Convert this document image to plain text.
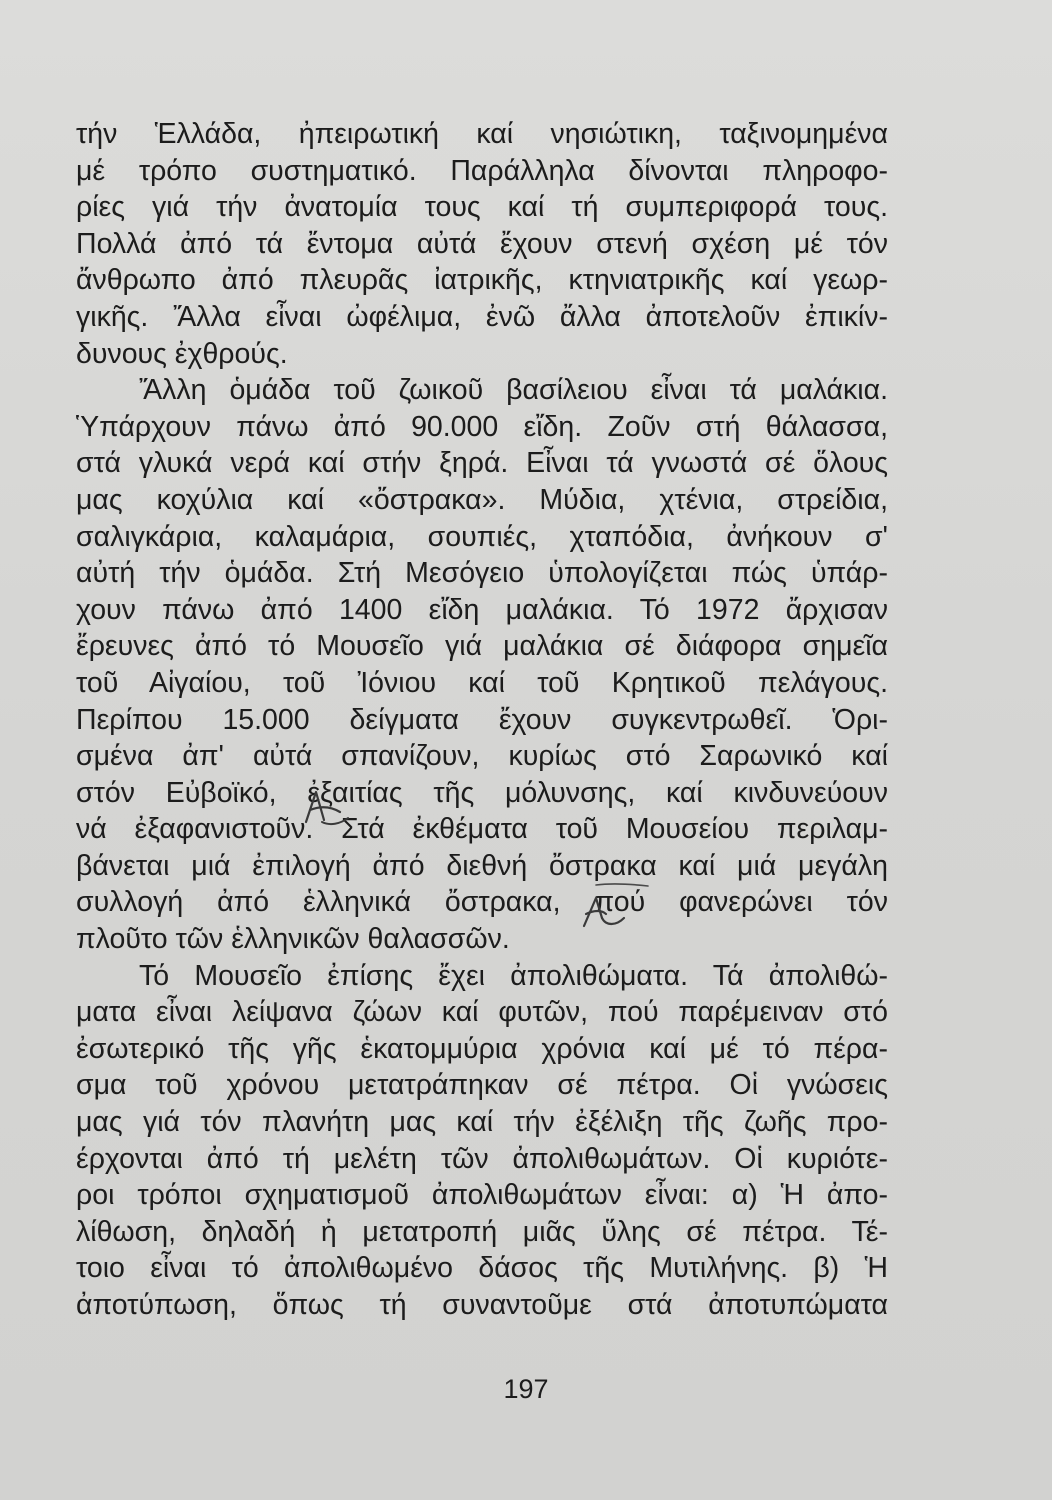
τήν Ἑλλάδα, ἠπειρωτική καί νησιώτικη, ταξινομημένα
μέ τρόπο συστηματικό. Παράλληλα δίνονται πληροφο-
ρίες γιά τήν ἀνατομία τους καί τή συμπεριφορά τους.
Πολλά ἀπό τά ἔντομα αὐτά ἔχουν στενή σχέση μέ τόν
ἄνθρωπο ἀπό πλευρᾶς ἰατρικῆς, κτηνιατρικῆς καί γεωρ-
γικῆς. Ἄλλα εἶναι ὠφέλιμα, ἐνῶ ἄλλα ἀποτελοῦν ἐπικίν-
δυνους ἐχθρούς.
Ἄλλη ὁμάδα τοῦ ζωικοῦ βασίλειου εἶναι τά μαλάκια.
Ὑπάρχουν πάνω ἀπό 90.000 εἴδη. Ζοῦν στή θάλασσα,
στά γλυκά νερά καί στήν ξηρά. Εἶναι τά γνωστά σέ ὅλους
μας κοχύλια καί «ὄστρακα». Μύδια, χτένια, στρείδια,
σαλιγκάρια, καλαμάρια, σουπιές, χταπόδια, ἀνήκουν σ'
αὐτή τήν ὁμάδα. Στή Μεσόγειο ὑπολογίζεται πώς ὑπάρ-
χουν πάνω ἀπό 1400 εἴδη μαλάκια. Τό 1972 ἄρχισαν
ἔρευνες ἀπό τό Μουσεῖο γιά μαλάκια σέ διάφορα σημεῖα
τοῦ Αἰγαίου, τοῦ Ἰόνιου καί τοῦ Κρητικοῦ πελάγους.
Περίπου 15.000 δείγματα ἔχουν συγκεντρωθεῖ. Ὁρι-
σμένα ἀπ' αὐτά σπανίζουν, κυρίως στό Σαρωνικό καί
στόν Εὐβοϊκό, ἐξαιτίας τῆς μόλυνσης, καί κινδυνεύουν
νά ἐξαφανιστοῦν. Στά ἐκθέματα τοῦ Μουσείου περιλαμ-
βάνεται μιά ἐπιλογή ἀπό διεθνή ὄστρακα καί μιά μεγάλη
συλλογή ἀπό ἑλληνικά ὄστρακα, πού φανερώνει τόν
πλοῦτο τῶν ἑλληνικῶν θαλασσῶν.
Τό Μουσεῖο ἐπίσης ἔχει ἀπολιθώματα. Τά ἀπολιθώ-
ματα εἶναι λείψανα ζώων καί φυτῶν, πού παρέμειναν στό
ἐσωτερικό τῆς γῆς ἑκατομμύρια χρόνια καί μέ τό πέρα-
σμα τοῦ χρόνου μετατράπηκαν σέ πέτρα. Οἱ γνώσεις
μας γιά τόν πλανήτη μας καί τήν ἐξέλιξη τῆς ζωῆς προ-
έρχονται ἀπό τή μελέτη τῶν ἀπολιθωμάτων. Οἱ κυριότε-
ροι τρόποι σχηματισμοῦ ἀπολιθωμάτων εἶναι: α) Ἡ ἀπο-
λίθωση, δηλαδή ἡ μετατροπή μιᾶς ὕλης σέ πέτρα. Τέ-
τοιο εἶναι τό ἀπολιθωμένο δάσος τῆς Μυτιλήνης. β) Ἡ
ἀποτύπωση, ὅπως τή συναντοῦμε στά ἀποτυπώματα
197
